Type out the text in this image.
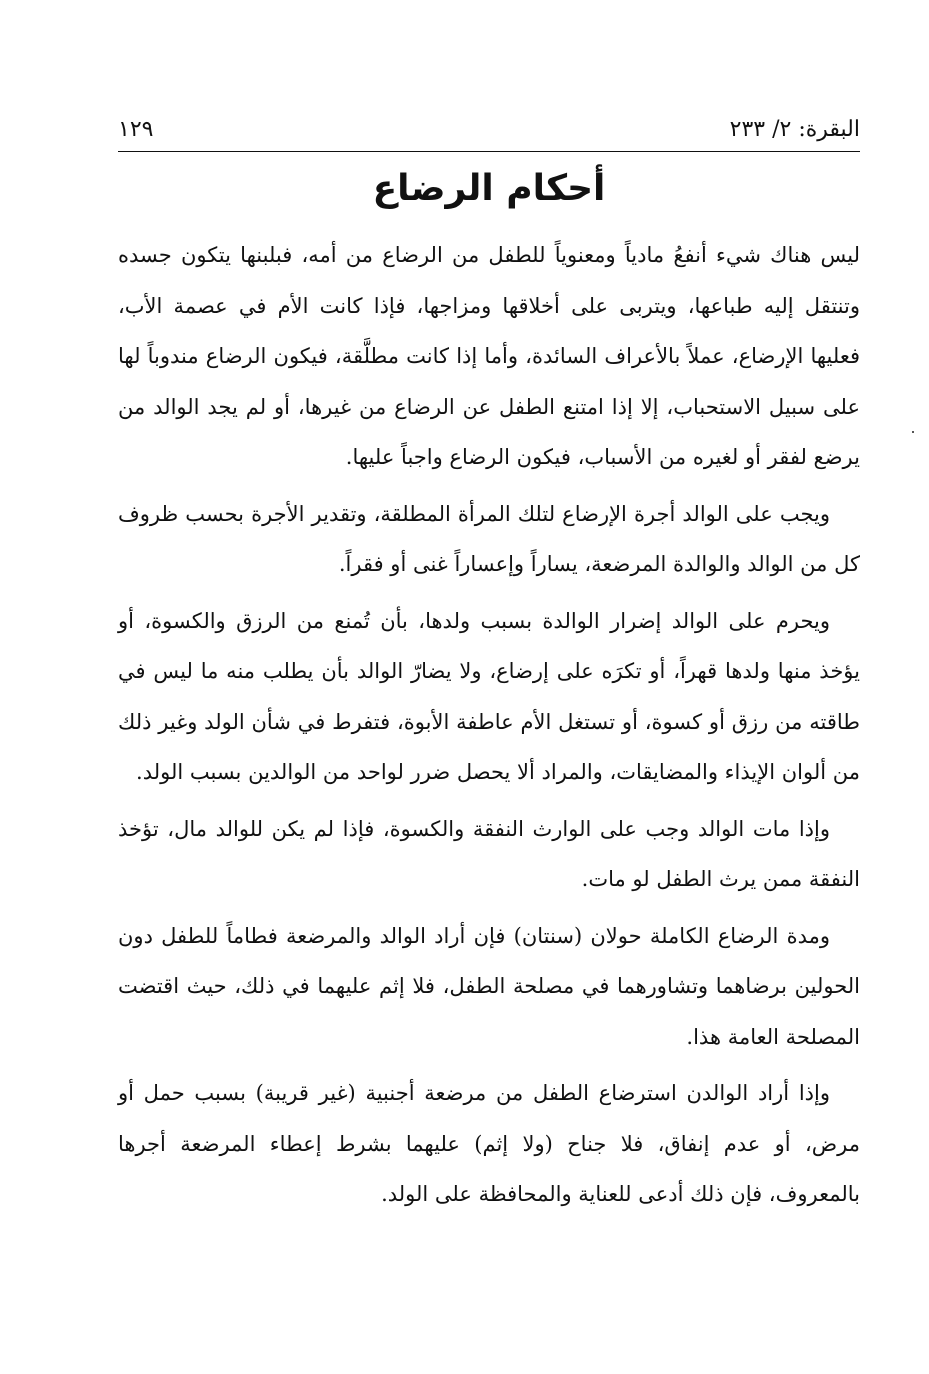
البقرة: ٢/ ٢٣٣
١٢٩
أحكام الرضاع

ليس هناك شيء أنفعُ مادياً ومعنوياً للطفل من الرضاع من أمه، فبلبنها يتكون جسده وتنتقل إليه طباعها، ويتربى على أخلاقها ومزاجها، فإذا كانت الأم في عصمة الأب، فعليها الإرضاع، عملاً بالأعراف السائدة، وأما إذا كانت مطلَّقة، فيكون الرضاع مندوباً لها على سبيل الاستحباب، إلا إذا امتنع الطفل عن الرضاع من غيرها، أو لم يجد الوالد من يرضع لفقر أو لغيره من الأسباب، فيكون الرضاع واجباً عليها.

ويجب على الوالد أجرة الإرضاع لتلك المرأة المطلقة، وتقدير الأجرة بحسب ظروف كل من الوالد والوالدة المرضعة، يساراً وإعساراً غنى أو فقراً.

ويحرم على الوالد إضرار الوالدة بسبب ولدها، بأن تُمنع من الرزق والكسوة، أو يؤخذ منها ولدها قهراً، أو تكرَه على إرضاع، ولا يضارّ الوالد بأن يطلب منه ما ليس في طاقته من رزق أو كسوة، أو تستغل الأم عاطفة الأبوة، فتفرط في شأن الولد وغير ذلك من ألوان الإيذاء والمضايقات، والمراد ألا يحصل ضرر لواحد من الوالدين بسبب الولد.

وإذا مات الوالد وجب على الوارث النفقة والكسوة، فإذا لم يكن للوالد مال، تؤخذ النفقة ممن يرث الطفل لو مات.

ومدة الرضاع الكاملة حولان (سنتان) فإن أراد الوالد والمرضعة فطاماً للطفل دون الحولين برضاهما وتشاورهما في مصلحة الطفل، فلا إثم عليهما في ذلك، حيث اقتضت المصلحة العامة هذا.

وإذا أراد الوالدن استرضاع الطفل من مرضعة أجنبية (غير قريبة) بسبب حمل أو مرض، أو عدم إنفاق، فلا جناح (ولا إثم) عليهما بشرط إعطاء المرضعة أجرها بالمعروف، فإن ذلك أدعى للعناية والمحافظة على الولد.
